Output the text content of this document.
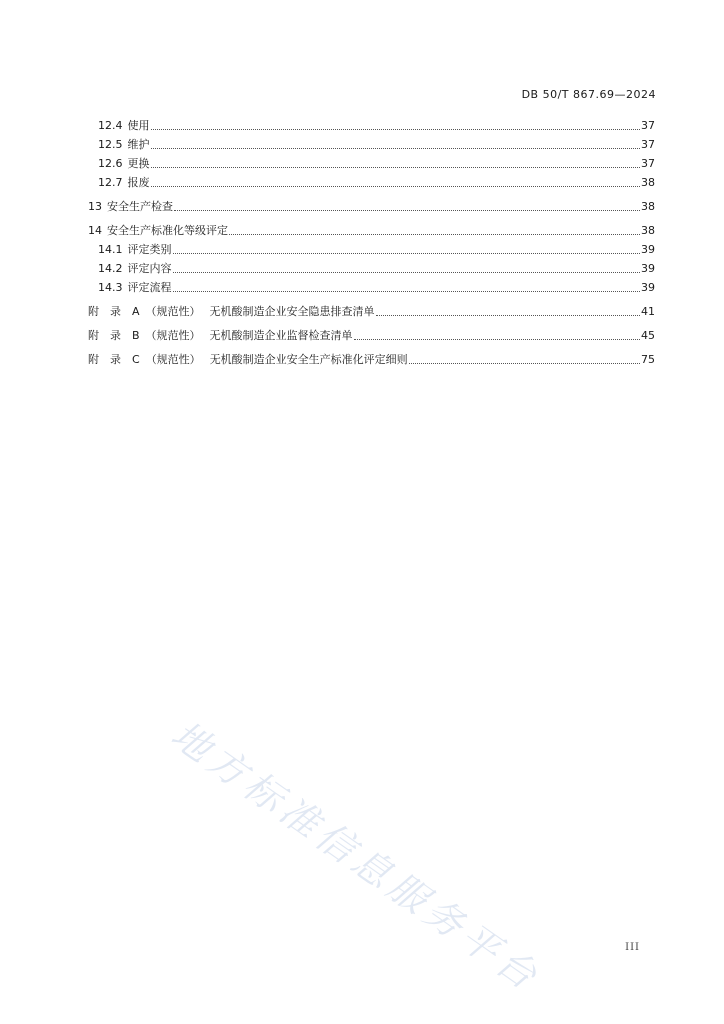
DB 50/T 867.69—2024
12.4 使用	37
12.5 维护	37
12.6 更换	37
12.7 报废	38
13 安全生产检查	38
14 安全生产标准化等级评定	38
14.1 评定类别	39
14.2 评定内容	39
14.3 评定流程	39
附录 A （规范性） 无机酸制造企业安全隐患排查清单	41
附录 B （规范性） 无机酸制造企业监督检查清单	45
附录 C （规范性） 无机酸制造企业安全生产标准化评定细则	75
地方标准信息服务平台	III
